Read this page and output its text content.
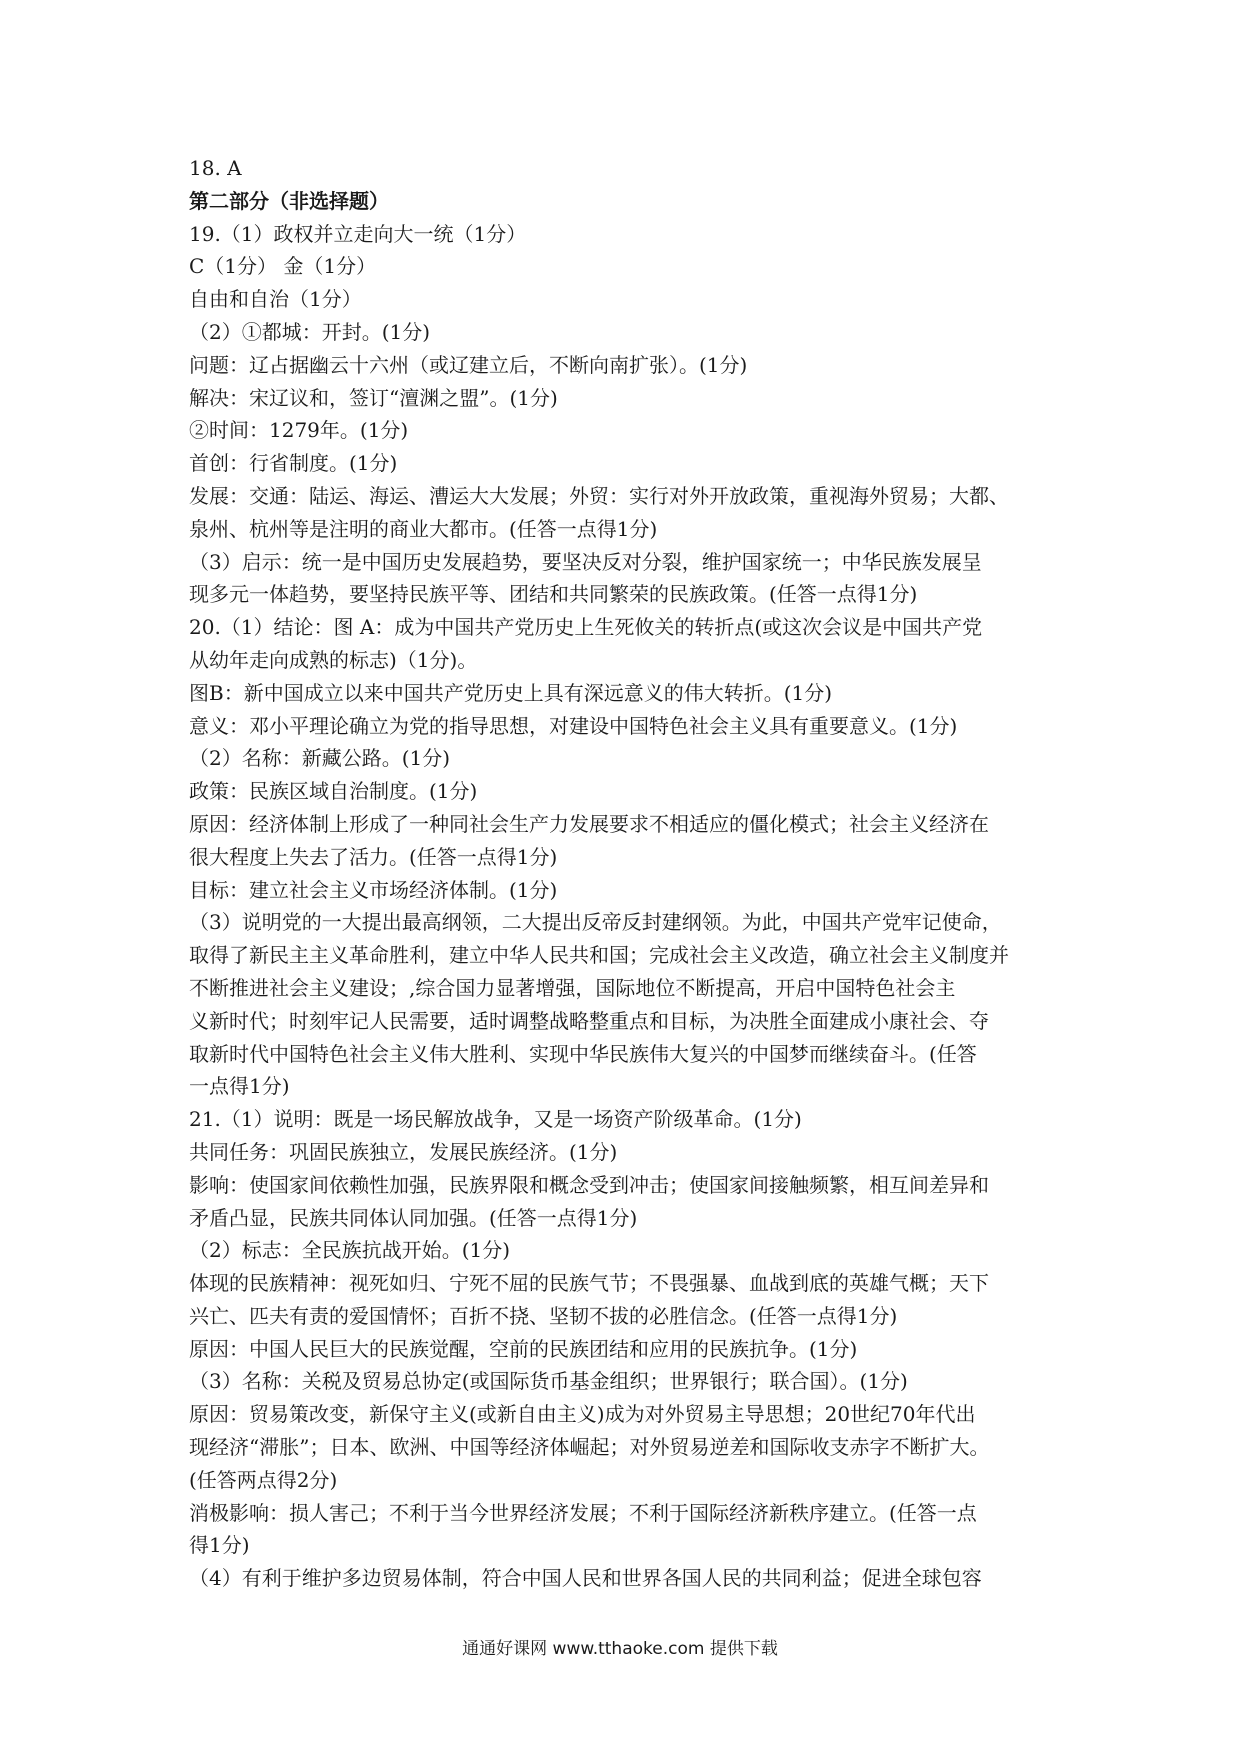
18. A
第二部分（非选择题）
19.（1）政权并立走向大一统（1分）
C（1分） 金（1分）
自由和自治（1分）
（2）①都城：开封。(1分)
问题：辽占据幽云十六州（或辽建立后，不断向南扩张）。(1分)
解决：宋辽议和，签订“澶渊之盟”。(1分)
②时间：1279年。(1分)
首创：行省制度。(1分)
发展：交通：陆运、海运、漕运大大发展；外贸：实行对外开放政策，重视海外贸易；大都、
泉州、杭州等是注明的商业大都市。(任答一点得1分)
（3）启示：统一是中国历史发展趋势，要坚决反对分裂，维护国家统一；中华民族发展呈
现多元一体趋势，要坚持民族平等、团结和共同繁荣的民族政策。(任答一点得1分)
20.（1）结论：图 A：成为中国共产党历史上生死攸关的转折点(或这次会议是中国共产党
从幼年走向成熟的标志)（1分)。
图B：新中国成立以来中国共产党历史上具有深远意义的伟大转折。(1分)
意义：邓小平理论确立为党的指导思想，对建设中国特色社会主义具有重要意义。(1分)
（2）名称：新藏公路。(1分)
政策：民族区域自治制度。(1分)
原因：经济体制上形成了一种同社会生产力发展要求不相适应的僵化模式；社会主义经济在
很大程度上失去了活力。(任答一点得1分)
目标：建立社会主义市场经济体制。(1分)
（3）说明党的一大提出最高纲领，二大提出反帝反封建纲领。为此，中国共产党牢记使命，
取得了新民主主义革命胜利，建立中华人民共和国；完成社会主义改造，确立社会主义制度并
不断推进社会主义建设；,综合国力显著增强，国际地位不断提高，开启中国特色社会主
义新时代；时刻牢记人民需要，适时调整战略整重点和目标，为决胜全面建成小康社会、夺
取新时代中国特色社会主义伟大胜利、实现中华民族伟大复兴的中国梦而继续奋斗。(任答
一点得1分)
21.（1）说明：既是一场民解放战争，又是一场资产阶级革命。(1分)
共同任务：巩固民族独立，发展民族经济。(1分)
影响：使国家间依赖性加强，民族界限和概念受到冲击；使国家间接触频繁，相互间差异和
矛盾凸显，民族共同体认同加强。(任答一点得1分)
（2）标志：全民族抗战开始。(1分)
体现的民族精神：视死如归、宁死不屈的民族气节；不畏强暴、血战到底的英雄气概；天下
兴亡、匹夫有责的爱国情怀；百折不挠、坚韧不拔的必胜信念。(任答一点得1分)
原因：中国人民巨大的民族觉醒，空前的民族团结和应用的民族抗争。(1分)
（3）名称：关税及贸易总协定(或国际货币基金组织；世界银行；联合国）。(1分)
原因：贸易策改变，新保守主义(或新自由主义)成为对外贸易主导思想；20世纪70年代出
现经济“滞胀”；日本、欧洲、中国等经济体崛起；对外贸易逆差和国际收支赤字不断扩大。
(任答两点得2分)
消极影响：损人害己；不利于当今世界经济发展；不利于国际经济新秩序建立。(任答一点
得1分)
（4）有利于维护多边贸易体制，符合中国人民和世界各国人民的共同利益；促进全球包容
通通好课网 www.tthaoke.com 提供下载
